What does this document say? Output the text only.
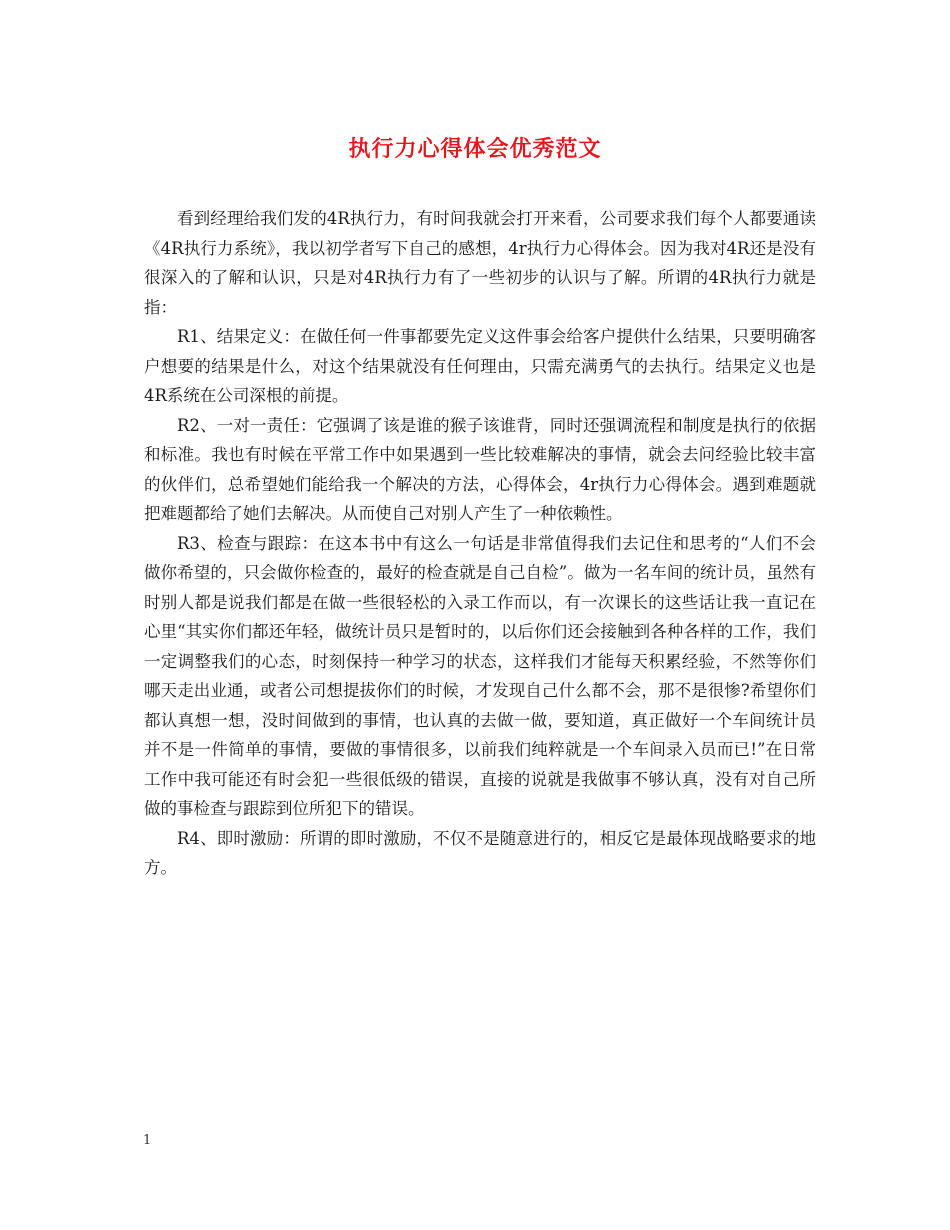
执行力心得体会优秀范文

看到经理给我们发的4R执行力，有时间我就会打开来看，公司要求我们每个人都要通读《4R执行力系统》，我以初学者写下自己的感想，4r执行力心得体会。因为我对4R还是没有很深入的了解和认识，只是对4R执行力有了一些初步的认识与了解。所谓的4R执行力就是指：

R1、结果定义：在做任何一件事都要先定义这件事会给客户提供什么结果，只要明确客户想要的结果是什么，对这个结果就没有任何理由，只需充满勇气的去执行。结果定义也是4R系统在公司深根的前提。

R2、一对一责任：它强调了该是谁的猴子该谁背，同时还强调流程和制度是执行的依据和标准。我也有时候在平常工作中如果遇到一些比较难解决的事情，就会去问经验比较丰富的伙伴们，总希望她们能给我一个解决的方法，心得体会，4r执行力心得体会。遇到难题就把难题都给了她们去解决。从而使自己对别人产生了一种依赖性。

R3、检查与跟踪：在这本书中有这么一句话是非常值得我们去记住和思考的“人们不会做你希望的，只会做你检查的，最好的检查就是自己自检”。做为一名车间的统计员，虽然有时别人都是说我们都是在做一些很轻松的入录工作而以，有一次课长的这些话让我一直记在心里“其实你们都还年轻，做统计员只是暂时的，以后你们还会接触到各种各样的工作，我们一定调整我们的心态，时刻保持一种学习的状态，这样我们才能每天积累经验，不然等你们哪天走出业通，或者公司想提拔你们的时候，才发现自己什么都不会，那不是很惨?希望你们都认真想一想，没时间做到的事情，也认真的去做一做，要知道，真正做好一个车间统计员并不是一件简单的事情，要做的事情很多，以前我们纯粹就是一个车间录入员而已!”在日常工作中我可能还有时会犯一些很低级的错误，直接的说就是我做事不够认真，没有对自己所做的事检查与跟踪到位所犯下的错误。

R4、即时激励：所谓的即时激励，不仅不是随意进行的，相反它是最体现战略要求的地方。

1
